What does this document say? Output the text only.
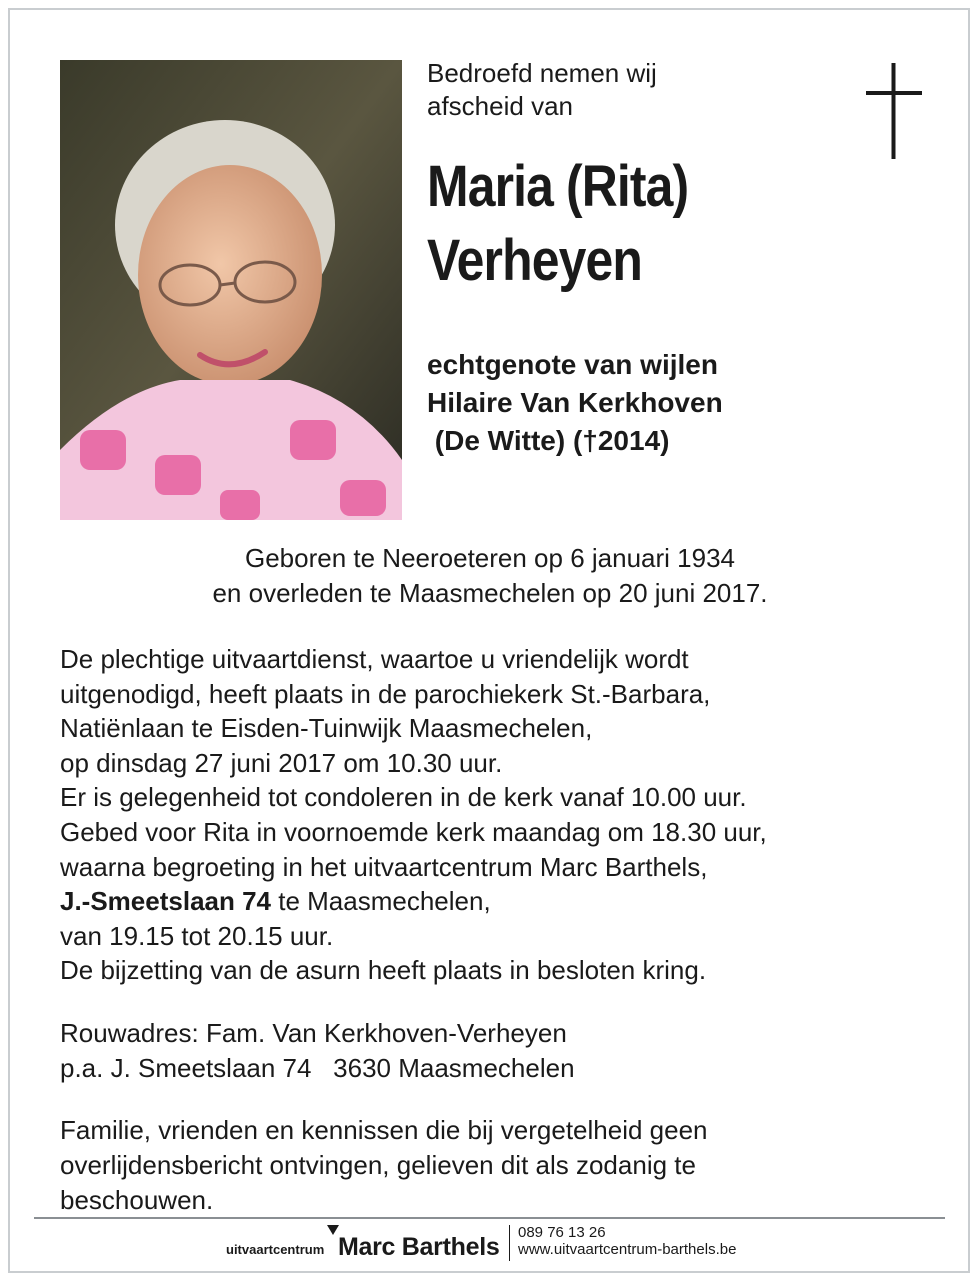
Bedroefd nemen wij
afscheid van
Maria (Rita)
Verheyen
echtgenote van wijlen
Hilaire Van Kerkhoven
(De Witte) (†2014)
Geboren te Neeroeteren op 6 januari 1934
en overleden te Maasmechelen op 20 juni 2017.
De plechtige uitvaartdienst, waartoe u vriendelijk wordt
uitgenodigd, heeft plaats in de parochiekerk St.-Barbara,
Natiënlaan te Eisden-Tuinwijk Maasmechelen,
op dinsdag 27 juni 2017 om 10.30 uur.
Er is gelegenheid tot condoleren in de kerk vanaf 10.00 uur.
Gebed voor Rita in voornoemde kerk maandag om 18.30 uur,
waarna begroeting in het uitvaartcentrum Marc Barthels,
J.-Smeetslaan 74 te Maasmechelen,
van 19.15 tot 20.15 uur.
De bijzetting van de asurn heeft plaats in besloten kring.
Rouwadres: Fam. Van Kerkhoven-Verheyen
p.a. J. Smeetslaan 74   3630 Maasmechelen
Familie, vrienden en kennissen die bij vergetelheid geen
overlijdensbericht ontvingen, gelieven dit als zodanig te
beschouwen.
uitvaartcentrum Marc Barthels
089 76 13 26
www.uitvaartcentrum-barthels.be
